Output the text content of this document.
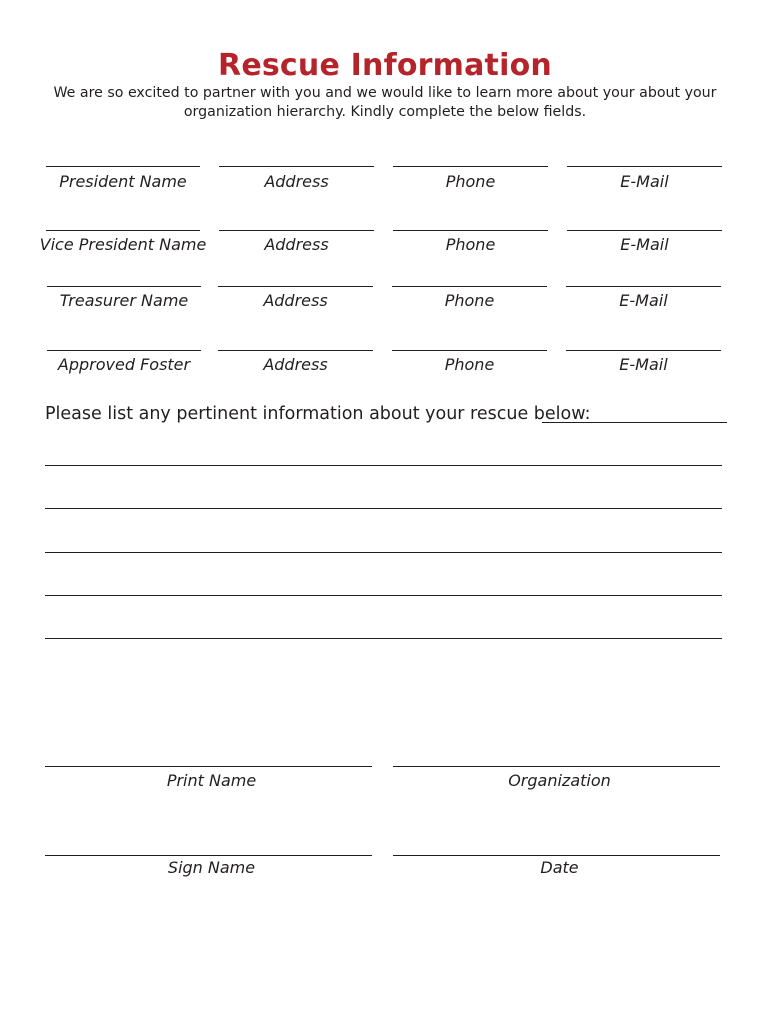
Rescue Information
We are so excited to partner with you and we would like to learn more about your about your organization hierarchy. Kindly complete the below fields.
President Name	Address	Phone	E-Mail
Vice President Name	Address	Phone	E-Mail
Treasurer Name	Address	Phone	E-Mail
Approved Foster	Address	Phone	E-Mail
Please list any pertinent information about your rescue below:
Print Name	Organization
Sign Name	Date
